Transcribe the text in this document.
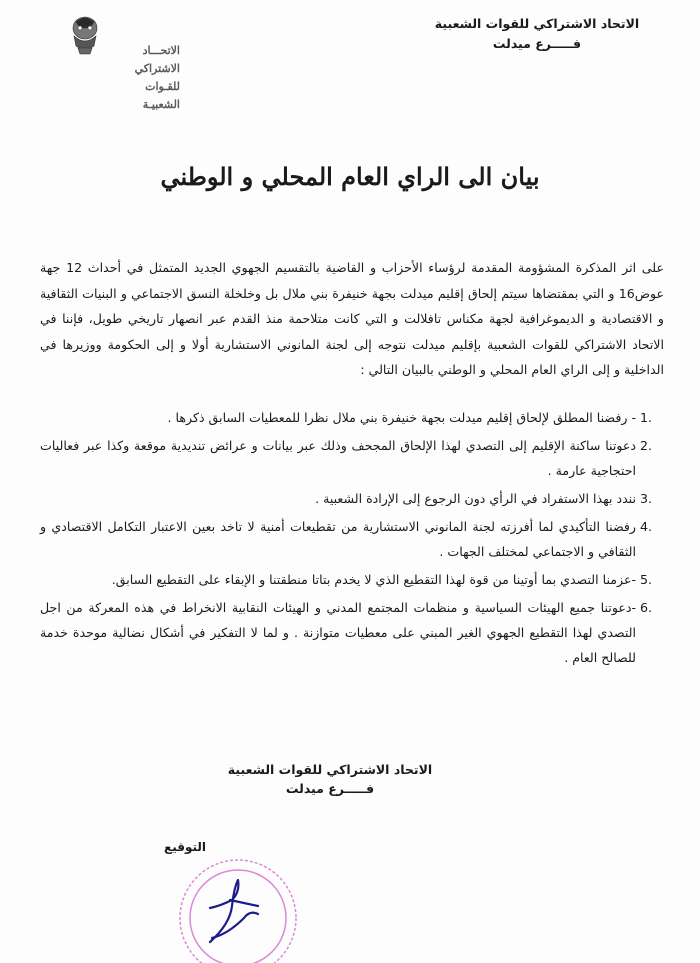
الاتحـــاد
الاشتراكي
للقـوات
الشعبيـة
الاتحاد الاشتراكي للقوات الشعبية
فـــــرع ميدلت
بيان الى الراي العام المحلي و الوطني
على اثر المذكرة المشؤومة المقدمة لرؤساء الأحزاب و القاضية بالتقسيم الجهوي الجديد المتمثل في أحداث 12 جهة عوض16 و التي بمقتضاها سيتم إلحاق إقليم ميدلت بجهة خنيفرة بني ملال بل وخلخلة النسق الاجتماعي و البنيات الثقافية و الاقتصادية و الديموغرافية لجهة مكناس تافلالت و التي كانت متلاحمة منذ القدم عبر انصهار تاريخي طويل، فإننا في الاتحاد الاشتراكي للقوات الشعبية بإقليم ميدلت نتوجه إلى لجنة المانوني الاستشارية أولا و إلى الحكومة ووزيرها في الداخلية و إلى الراي العام المحلي و الوطني بالبيان التالي :
1.
- رفضنا المطلق لإلحاق إقليم ميدلت بجهة خنيفرة بني ملال نظرا للمعطيات السابق ذكرها .
2.
دعوتنا ساكنة الإقليم إلى التصدي لهذا الإلحاق المجحف وذلك عبر بيانات و عرائض تنديدية موقعة وكذا عبر فعاليات احتجاجية عارمة .
3.
نندد بهذا الاستفراد في الرأي دون الرجوع إلى الإرادة الشعبية .
4.
رفضنا التأكيدي لما أفرزته لجنة المانوني الاستشارية من تقطيعات أمنية لا تاخد بعين الاعتبار التكامل الاقتصادي و الثقافي و الاجتماعي لمختلف الجهات .
5.
-عزمنا التصدي بما أوتينا من قوة لهذا التقطيع الذي لا يخدم بتاتا منطقتنا و الإبقاء على التقطيع السابق.
6.
-دعوتنا جميع الهيئات السياسية و منظمات المجتمع المدني و الهيئات النقابية الانخراط في هذه المعركة من اجل التصدي لهذا التقطيع الجهوي الغير المبني على معطيات متوازنة . و لما لا التفكير في أشكال نضالية موحدة خدمة للصالح العام .
الاتحاد الاشتراكي للقوات الشعبية
فـــــرع ميدلت
التوقيع
